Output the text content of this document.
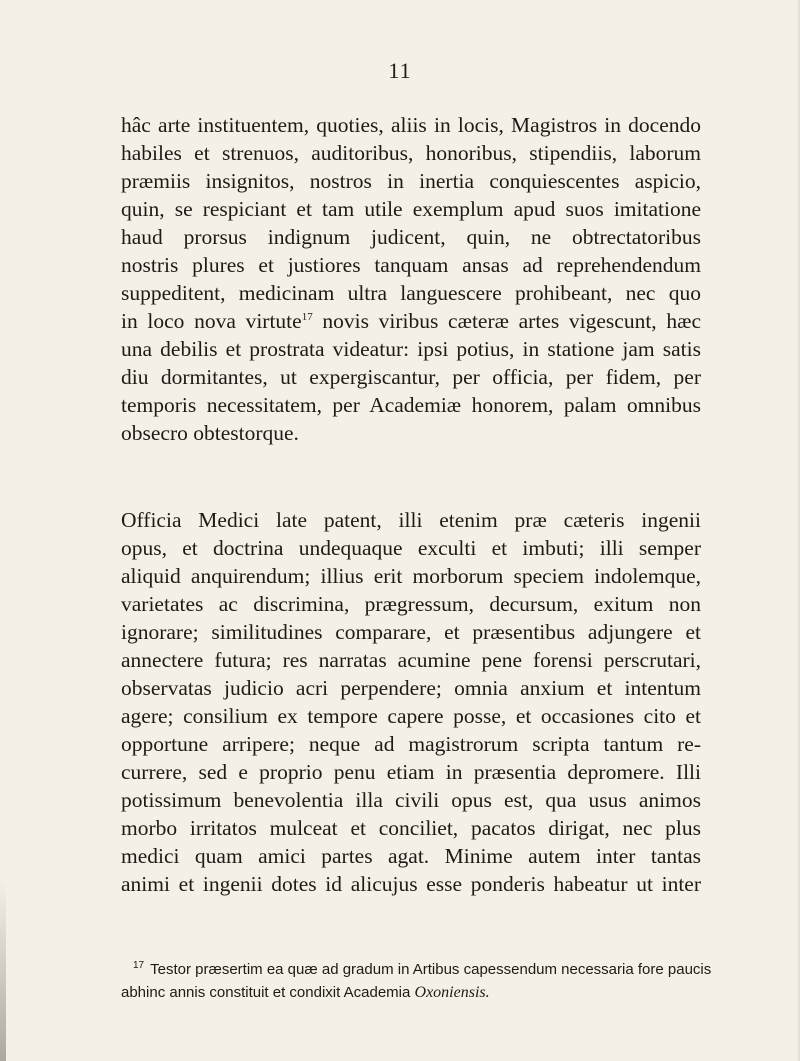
11
hâc arte instituentem, quoties, aliis in locis, Magistros in docendo
habiles et strenuos, auditoribus, honoribus, stipendiis, laborum
præmiis insignitos, nostros in inertia conquiescentes aspicio,
quin, se respiciant et tam utile exemplum apud suos imitatione
haud prorsus indignum judicent, quin, ne obtrectatoribus
nostris plures et justiores tanquam ansas ad reprehendendum
suppeditent, medicinam ultra languescere prohibeant, nec quo
in loco nova virtute$^{17}$ novis viribus cæteræ artes vigescunt, hæc
una debilis et prostrata videatur: ipsi potius, in statione jam satis
diu dormitantes, ut expergiscantur, per officia, per fidem, per
temporis necessitatem, per Academiæ honorem, palam omnibus
obsecro obtestorque.
Officia Medici late patent, illi etenim præ cæteris ingenii
opus, et doctrina undequaque exculti et imbuti; illi semper
aliquid anquirendum; illius erit morborum speciem indolemque,
varietates ac discrimina, prægressum, decursum, exitum non
ignorare; similitudines comparare, et præsentibus adjungere et
annectere futura; res narratas acumine pene forensi perscrutari,
observatas judicio acri perpendere; omnia anxium et intentum
agere; consilium ex tempore capere posse, et occasiones cito et
opportune arripere; neque ad magistrorum scripta tantum re-
currere, sed e proprio penu etiam in præsentia depromere. Illi
potissimum benevolentia illa civili opus est, qua usus animos
morbo irritatos mulceat et conciliet, pacatos dirigat, nec plus
medici quam amici partes agat. Minime autem inter tantas
animi et ingenii dotes id alicujus esse ponderis habeatur ut inter
$^{17}$ Testor præsertim ea quæ ad gradum in Artibus capessendum necessaria fore paucis
abhinc annis constituit et condixit Academia Oxoniensis.
